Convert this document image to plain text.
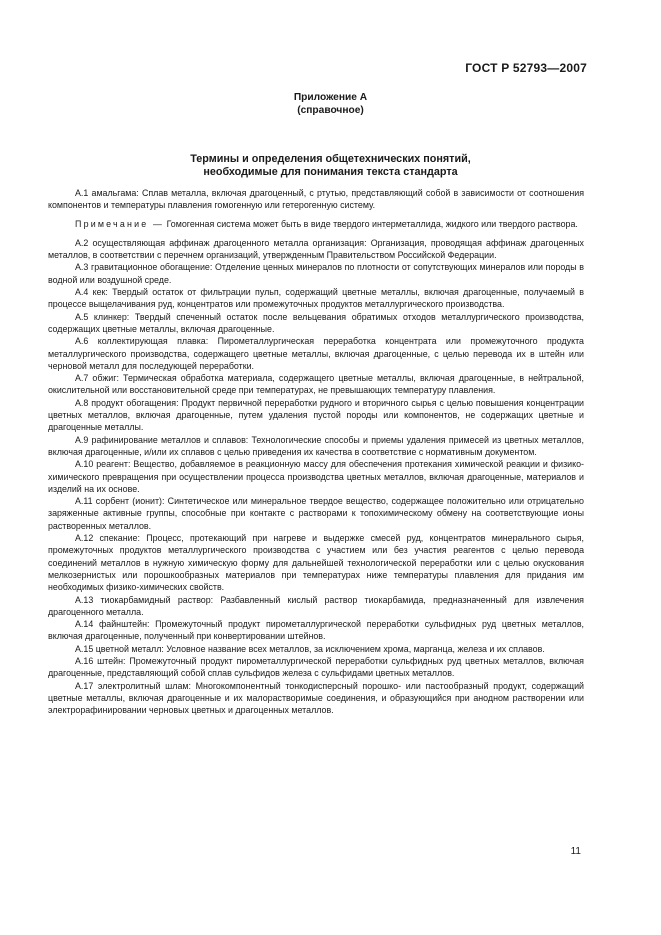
ГОСТ Р 52793—2007
Приложение А
(справочное)
Термины и определения общетехнических понятий,
необходимые для понимания текста стандарта

А.1 амальгама: Сплав металла, включая драгоценный, с ртутью, представляющий собой в зависимости от соотношения компонентов и температуры плавления гомогенную или гетерогенную систему.

Примечание — Гомогенная система может быть в виде твердого интерметаллида, жидкого или твердого раствора.

А.2 осуществляющая аффинаж драгоценного металла организация: Организация, проводящая аффинаж драгоценных металлов, в соответствии с перечнем организаций, утвержденным Правительством Российской Федерации.

А.3 гравитационное обогащение: Отделение ценных минералов по плотности от сопутствующих минералов или породы в водной или воздушной среде.

А.4 кек: Твердый остаток от фильтрации пульп, содержащий цветные металлы, включая драгоценные, получаемый в процессе выщелачивания руд, концентратов или промежуточных продуктов металлургического производства.

А.5 клинкер: Твердый спеченный остаток после вельцевания обратимых отходов металлургического производства, содержащих цветные металлы, включая драгоценные.

А.6 коллектирующая плавка: Пирометаллургическая переработка концентрата или промежуточного продукта металлургического производства, содержащего цветные металлы, включая драгоценные, с целью перевода их в штейн или черновой металл для последующей переработки.

А.7 обжиг: Термическая обработка материала, содержащего цветные металлы, включая драгоценные, в нейтральной, окислительной или восстановительной среде при температурах, не превышающих температуру плавления.

А.8 продукт обогащения: Продукт первичной переработки рудного и вторичного сырья с целью повышения концентрации цветных металлов, включая драгоценные, путем удаления пустой породы или компонентов, не содержащих цветные и драгоценные металлы.

А.9 рафинирование металлов и сплавов: Технологические способы и приемы удаления примесей из цветных металлов, включая драгоценные, и/или их сплавов с целью приведения их качества в соответствие с нормативным документом.

А.10 реагент: Вещество, добавляемое в реакционную массу для обеспечения протекания химической реакции и физико-химического превращения при осуществлении процесса производства цветных металлов, включая драгоценные, материалов и изделий на их основе.

А.11 сорбент (ионит): Синтетическое или минеральное твердое вещество, содержащее положительно или отрицательно заряженные активные группы, способные при контакте с растворами к топохимическому обмену на соответствующие ионы растворенных металлов.

А.12 спекание: Процесс, протекающий при нагреве и выдержке смесей руд, концентратов минерального сырья, промежуточных продуктов металлургического производства с участием или без участия реагентов с целью перевода соединений металлов в нужную химическую форму для дальнейшей технологической переработки или с целью окускования мелкозернистых или порошкообразных материалов при температурах ниже температуры плавления для придания им необходимых физико-химических свойств.

А.13 тиокарбамидный раствор: Разбавленный кислый раствор тиокарбамида, предназначенный для извлечения драгоценного металла.

А.14 файнштейн: Промежуточный продукт пирометаллургической переработки сульфидных руд цветных металлов, включая драгоценные, полученный при конвертировании штейнов.

А.15 цветной металл: Условное название всех металлов, за исключением хрома, марганца, железа и их сплавов.

А.16 штейн: Промежуточный продукт пирометаллургической переработки сульфидных руд цветных металлов, включая драгоценные, представляющий собой сплав сульфидов железа с сульфидами цветных металлов.

А.17 электролитный шлам: Многокомпонентный тонкодисперсный порошко- или пастообразный продукт, содержащий цветные металлы, включая драгоценные и их малорастворимые соединения, и образующийся при анодном растворении или электрорафинировании черновых цветных и драгоценных металлов.

11
